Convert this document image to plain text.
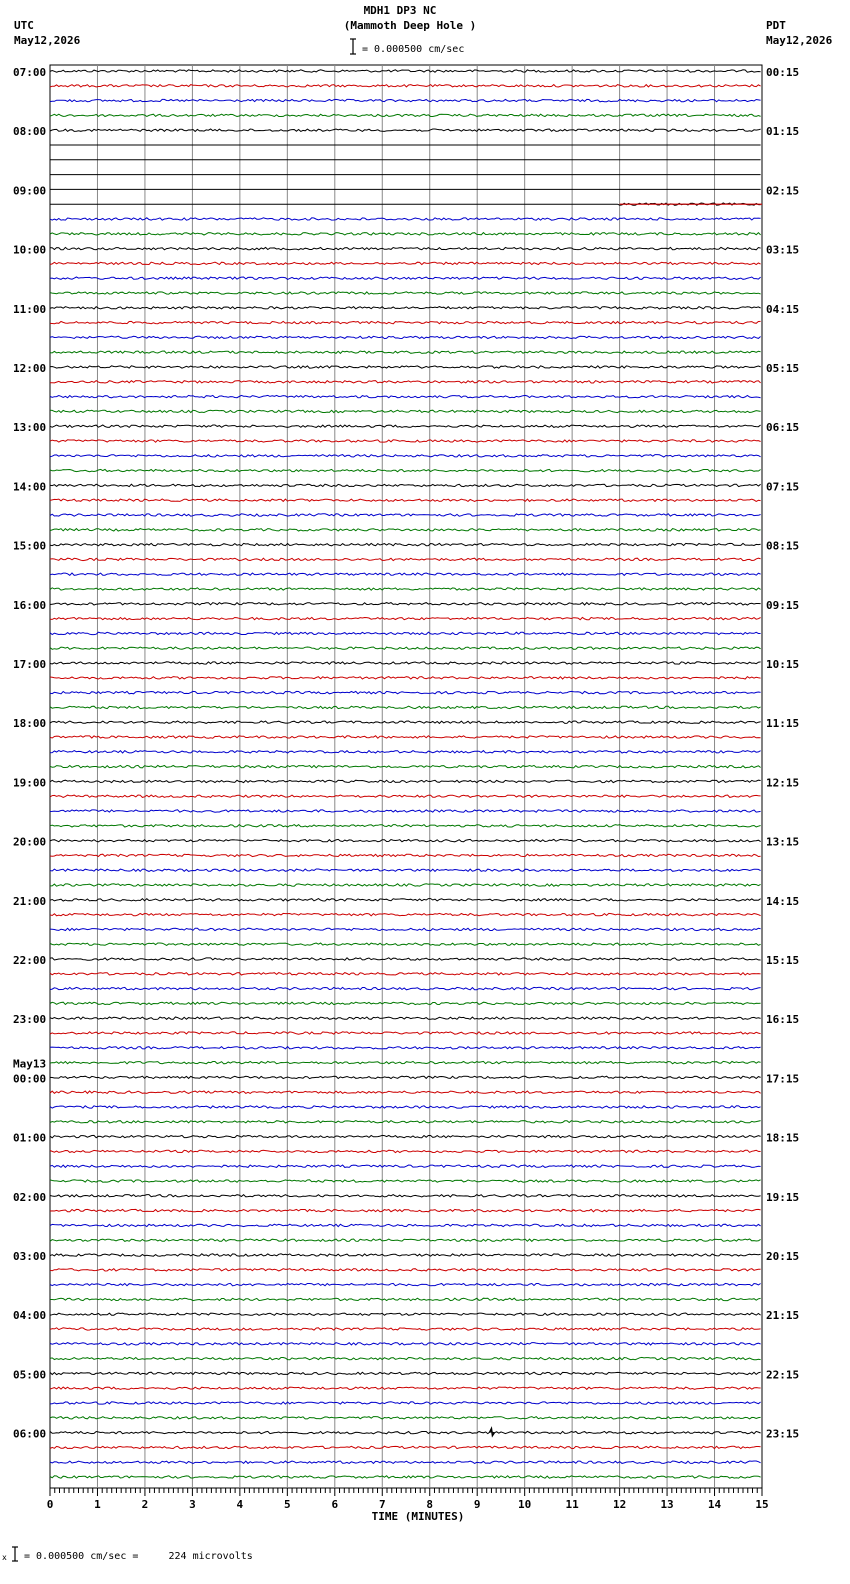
MDH1 DP3 NC
(Mammoth Deep Hole )
UTC
May12,2026
PDT
May12,2026
= 0.000500 cm/sec
07:00
08:00
09:00
10:00
11:00
12:00
13:00
14:00
15:00
16:00
17:00
18:00
19:00
20:00
21:00
22:00
23:00
00:00
01:00
02:00
03:00
04:00
05:00
06:00
00:15
01:15
02:15
03:15
04:15
05:15
06:15
07:15
08:15
09:15
10:15
11:15
12:15
13:15
14:15
15:15
16:15
17:15
18:15
19:15
20:15
21:15
22:15
23:15
May13
0	1	2	3	4	5	6	7	8	9	10	11	12	13	14	15
TIME (MINUTES)
x = 0.000500 cm/sec =     224 microvolts
